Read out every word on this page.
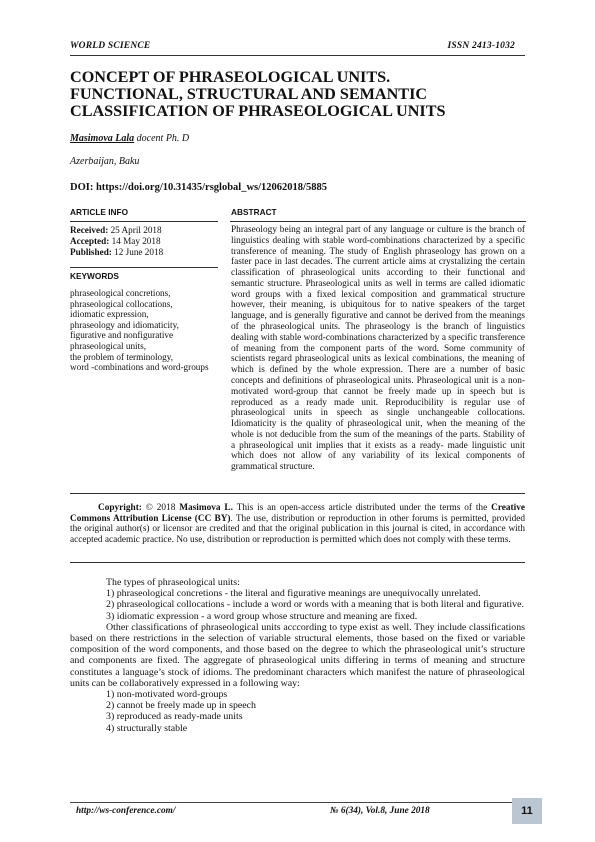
WORLD SCIENCE	ISSN 2413-1032
CONCEPT OF PHRASEOLOGICAL UNITS.
FUNCTIONAL, STRUCTURAL AND SEMANTIC
CLASSIFICATION OF PHRASEOLOGICAL UNITS
Masimova Lala docent Ph. D
Azerbaijan, Baku
DOI: https://doi.org/10.31435/rsglobal_ws/12062018/5885
ARTICLE INFO	ABSTRACT
Received: 25 April 2018
Accepted: 14 May 2018
Published: 12 June 2018
KEYWORDS
phraseological concretions,
phraseological collocations,
idiomatic expression,
phraseology and idiomaticity,
figurative and nonfigurative phraseological units,
the problem of terminology,
word -combinations and word-groups

Phraseology being an integral part of any language or culture is the branch of linguistics dealing with stable word-combinations characterized by a specific transference of meaning. The study of English phraseology has grown on a faster pace in last decades. The current article aims at crystalizing the certain classification of phraseological units according to their functional and semantic structure. Phraseological units as well in terms are called idiomatic word groups with a fixed lexical composition and grammatical structure however, their meaning, is ubiquitous for to native speakers of the target language, and is generally figurative and cannot be derived from the meanings of the phraseological units. The phraseology is the branch of linguistics dealing with stable word-combinations characterized by a specific transference of meaning from the component parts of the word. Some community of scientists regard phraseological units as lexical combinations, the meaning of which is defined by the whole expression. There are a number of basic concepts and definitions of phraseological units. Phraseological unit is a non-motivated word-group that cannot be freely made up in speech but is reproduced as a ready made unit. Reproducibility is regular use of phraseological units in speech as single unchangeable collocations. Idiomaticity is the quality of phraseological unit, when the meaning of the whole is not deducible from the sum of the meanings of the parts. Stability of a phraseological unit implies that it exists as a ready- made linguistic unit which does not allow of any variability of its lexical components of grammatical structure.

Copyright: © 2018 Masimova L. This is an open-access article distributed under the terms of the Creative Commons Attribution License (CC BY). The use, distribution or reproduction in other forums is permitted, provided the original author(s) or licensor are credited and that the original publication in this journal is cited, in accordance with accepted academic practice. No use, distribution or reproduction is permitted which does not comply with these terms.

The types of phraseological units:

1) phraseological concretions - the literal and figurative meanings are unequivocally unrelated.

2) phraseological collocations - include a word or words with a meaning that is both literal and figurative.

3) idiomatic expression - a word group whose structure and meaning are fixed.

Other classifications of phraseological units acccording to type exist as well. They include classifications based on there restrictions in the selection of variable structural elements, those based on the fixed or variable composition of the word components, and those based on the degree to which the phraseological unit’s structure and components are fixed. The aggregate of phraseological units differing in terms of meaning and structure constitutes a language’s stock of idioms. The predominant characters which manifest the nature of phraseological units can be collaboratively expressed in a following way:

1) non-motivated word-groups

2) cannot be freely made up in speech

3) reproduced as ready-made units

4) structurally stable

http://ws-conference.com/	№ 6(34), Vol.8, June 2018	11
